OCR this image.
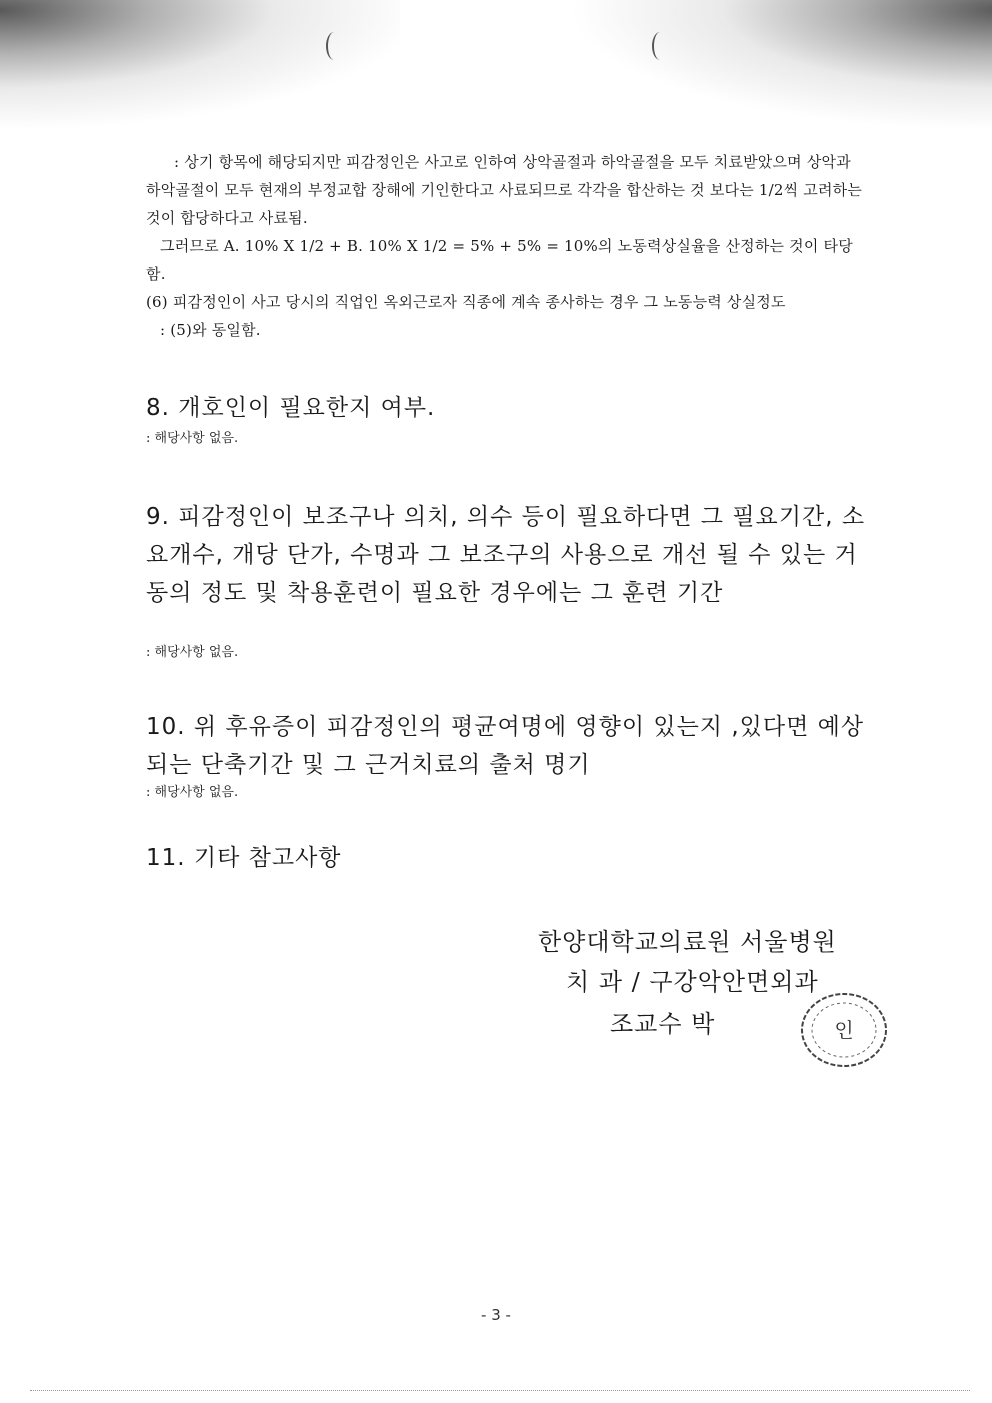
: 상기 항목에 해당되지만 피감정인은 사고로 인하여 상악골절과 하악골절을 모두 치료받았으며 상악과 하악골절이 모두 현재의 부정교합 장해에 기인한다고 사료되므로 각각을 합산하는 것 보다는 1/2씩 고려하는 것이 합당하다고 사료됨.

그러므로 A. 10% X 1/2 + B. 10% X 1/2 = 5% + 5% = 10%의 노동력상실율을 산정하는 것이 타당함.

(6) 피감정인이 사고 당시의 직업인 옥외근로자 직종에 계속 종사하는 경우 그 노동능력 상실정도

: (5)와 동일함.

8. 개호인이 필요한지 여부.

: 해당사항 없음.

9. 피감정인이 보조구나 의치, 의수 등이 필요하다면 그 필요기간, 소요개수, 개당 단가, 수명과 그 보조구의 사용으로 개선 될 수 있는 거동의 정도 및 착용훈련이 필요한 경우에는 그 훈련 기간

: 해당사항 없음.

10. 위 후유증이 피감정인의 평균여명에 영향이 있는지 ,있다면 예상되는 단축기간 및 그 근거치료의 출처 명기

: 해당사항 없음.

11. 기타 참고사항

한양대학교의료원 서울병원

치 과 / 구강악안면외과

조교수 박	인

- 3 -
